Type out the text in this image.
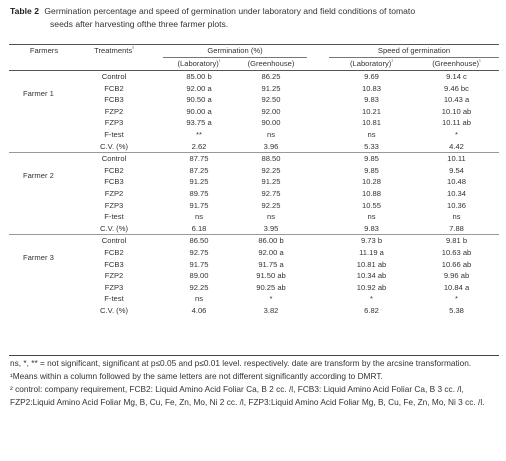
Table 2 Germination percentage and speed of germination under laboratory and field conditions of tomato
seeds after harvesting ofthe three farmer plots.
Farmers	Treatments$^{^2}$		Germination (%)			Speed of germination	
			(Laboratory)$^{^1}$	(Greenhouse)		(Laboratory)$^{^1}$	(Greenhouse)$^{^1}$
	Control		85.00 b	86.25		9.69	9.14 c
Farmer 1	FCB2		92.00 a	91.25		10.83	9.46 bc
	FCB3		90.50 a	92.50		9.83	10.43 a
	FZP2		90.00 a	92.00		10.21	10.10 ab
	FZP3		93.75 a	90.00		10.81	10.11 ab
	F-test		**	ns		ns	*
	C.V. (%)		2.62	3.96		5.33	4.42
	Control		87.75	88.50		9.85	10.11
Farmer 2	FCB2		87.25	92.25		9.85	9.54
	FCB3		91.25	91.25		10.28	10.48
	FZP2		89.75	92.75		10.88	10.34
	FZP3		91.75	92.25		10.55	10.36
	F-test		ns	ns		ns	ns
	C.V. (%)		6.18	3.95		9.83	7.88
	Control		86.50	86.00 b		9.73 b	9.81 b
Farmer 3	FCB2		92.75	92.00 a		11.19 a	10.63 ab
	FCB3		91.75	91.75 a		10.81 ab	10.66 ab
	FZP2		89.00	91.50 ab		10.34 ab	9.96 ab
	FZP3		92.25	90.25 ab		10.92 ab	10.84 a
	F-test		ns	*		*	*
	C.V. (%)		4.06	3.82		6.82	5.38

ns, *, ** = not significant, significant at p≤0.05 and p≤0.01 level. respectively. date are transform by the arcsine transformation.

¹Means within a column followed by the same letters are not different significantly according to DMRT.

² control: company requirement, FCB2: Liquid Amino Acid Foliar Ca, B 2 cc. /l, FCB3: Liquid Amino Acid Foliar Ca, B 3 cc. /l, FZP2:Liquid Amino Acid Foliar Mg, B, Cu, Fe, Zn, Mo, Ni 2 cc. /l, FZP3:Liquid Amino Acid Foliar Mg, B, Cu, Fe, Zn, Mo, Ni 3 cc. /l.
